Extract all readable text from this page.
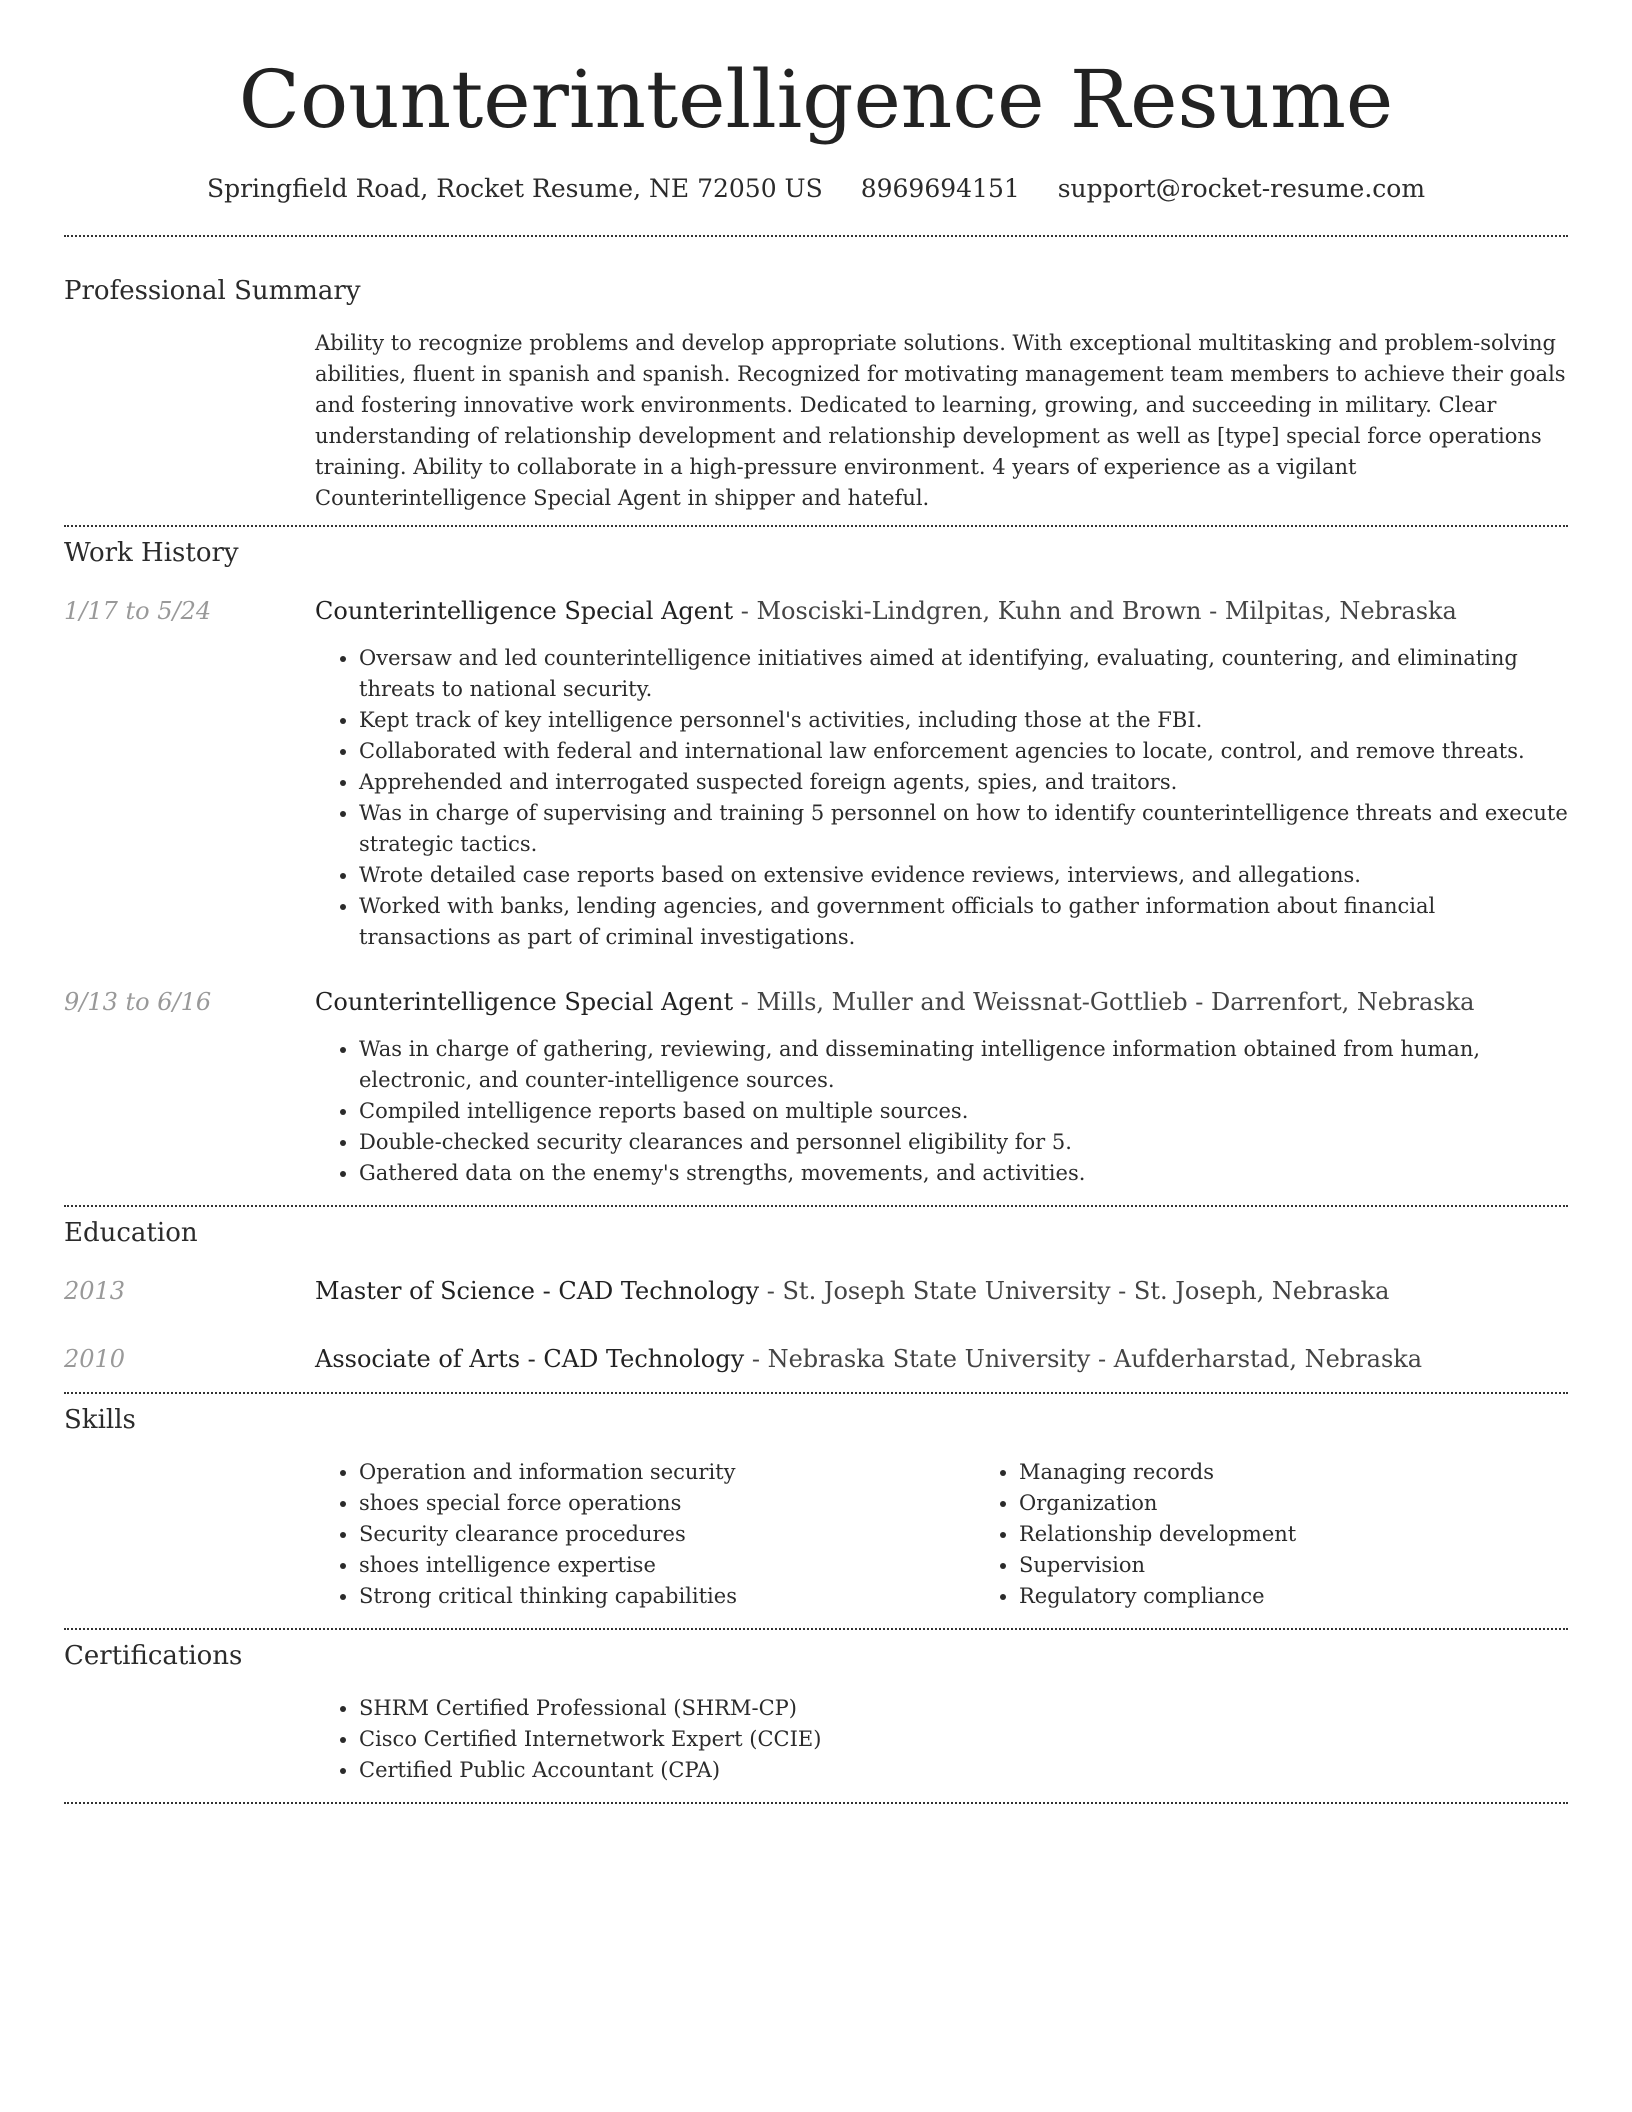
Counterintelligence Resume
Springfield Road, Rocket Resume, NE 72050 US 8969694151 support@rocket-resume.com
Professional Summary
Ability to recognize problems and develop appropriate solutions. With exceptional multitasking and problem-solving abilities, fluent in spanish and spanish. Recognized for motivating management team members to achieve their goals and fostering innovative work environments. Dedicated to learning, growing, and succeeding in military. Clear understanding of relationship development and relationship development as well as [type] special force operations training. Ability to collaborate in a high-pressure environment. 4 years of experience as a vigilant Counterintelligence Special Agent in shipper and hateful.
Work History
1/17 to 5/24	Counterintelligence Special Agent - Mosciski-Lindgren, Kuhn and Brown - Milpitas, Nebraska
• Oversaw and led counterintelligence initiatives aimed at identifying, evaluating, countering, and eliminating threats to national security.
• Kept track of key intelligence personnel's activities, including those at the FBI.
• Collaborated with federal and international law enforcement agencies to locate, control, and remove threats.
• Apprehended and interrogated suspected foreign agents, spies, and traitors.
• Was in charge of supervising and training 5 personnel on how to identify counterintelligence threats and execute strategic tactics.
• Wrote detailed case reports based on extensive evidence reviews, interviews, and allegations.
• Worked with banks, lending agencies, and government officials to gather information about financial transactions as part of criminal investigations.
9/13 to 6/16	Counterintelligence Special Agent - Mills, Muller and Weissnat-Gottlieb - Darrenfort, Nebraska
• Was in charge of gathering, reviewing, and disseminating intelligence information obtained from human, electronic, and counter-intelligence sources.
• Compiled intelligence reports based on multiple sources.
• Double-checked security clearances and personnel eligibility for 5.
• Gathered data on the enemy's strengths, movements, and activities.
Education
2013	Master of Science - CAD Technology - St. Joseph State University - St. Joseph, Nebraska
2010	Associate of Arts - CAD Technology - Nebraska State University - Aufderharstad, Nebraska
Skills
• Operation and information security
• shoes special force operations
• Security clearance procedures
• shoes intelligence expertise
• Strong critical thinking capabilities
• Managing records
• Organization
• Relationship development
• Supervision
• Regulatory compliance
Certifications
• SHRM Certified Professional (SHRM-CP)
• Cisco Certified Internetwork Expert (CCIE)
• Certified Public Accountant (CPA)
